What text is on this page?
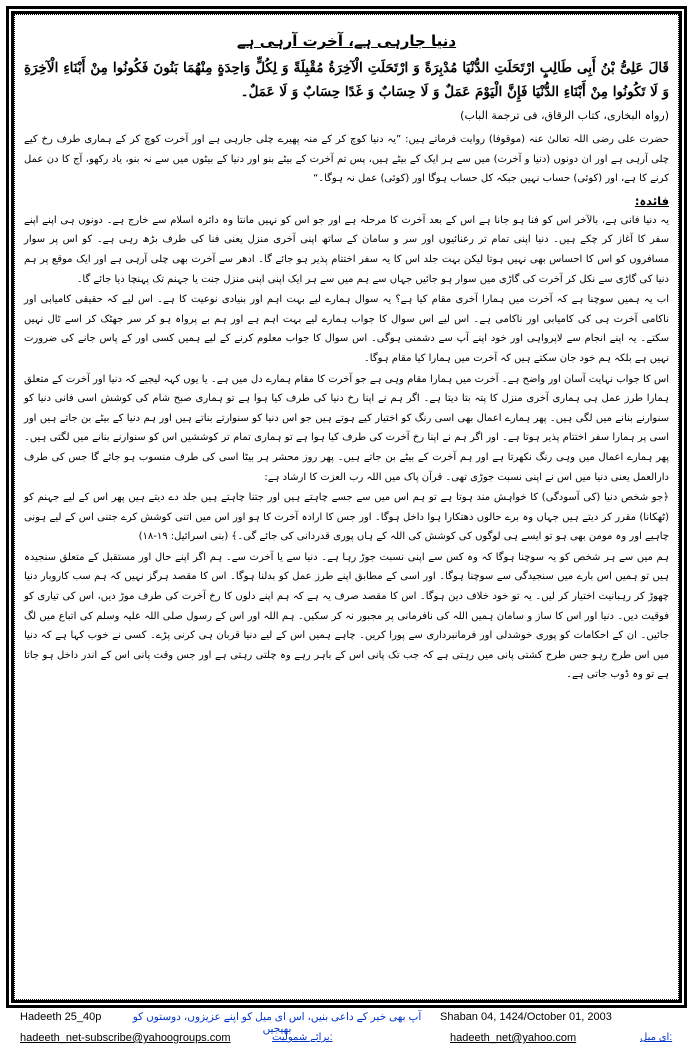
دنیا جارہی ہے، آخرت آرہی ہے
قَالَ عَلِیُّ بْنُ أَبِی طَالِبٍ ارْتَحَلَتِ الدُّنْیَا مُدْبِرَةً وَ ارْتَحَلَتِ الْآخِرَةُ مُقْبِلَةً وَ لِکُلٍّ وَاحِدَةٍ مِنْهُمَا بَنُونَ فَکُونُوا مِنْ أَبْنَاءِ الْآخِرَةِ وَ لَا تَکُونُوا مِنْ أَبْنَاءِ الدُّنْیَا فَإِنَّ الْیَوْمَ عَمَلٌ وَ لَا حِسَابٌ وَ غَدًا حِسَابٌ وَ لَا عَمَلٌ۔
(رواہ البخاری، کتاب الرقاق، فی ترجمة الباب)
حضرت علی رضی اللہ تعالیٰ عنہ (موقوفا) روایت فرماتے ہیں: ”یہ دنیا کوچ کر کے منہ پھیرے چلی جارہی ہے اور آخرت کوچ کر کے ہماری طرف رخ کیے چلی آرہی ہے اور ان دونوں (دنیا و آخرت) میں سے ہر ایک کے بیٹے ہیں، پس تم آخرت کے بیٹے بنو اور دنیا کے بیٹوں میں سے نہ بنو، یاد رکھو، آج کا دن عمل کرنے کا ہے، اور (کوئی) حساب نہیں جبکہ کل حساب ہوگا اور (کوئی) عمل نہ ہوگا۔“
فائدہ:
یہ دنیا فانی ہے، بالآخر اس کو فنا ہو جانا ہے اس کے بعد آخرت کا مرحلہ ہے اور جو اس کو نہیں مانتا وہ دائرہ اسلام سے خارج ہے۔ دونوں ہی اپنے اپنے سفر کا آغاز کر چکے ہیں۔ دنیا اپنی تمام تر رعنائیوں اور سر و سامان کے ساتھ اپنی آخری منزل یعنی فنا کی طرف بڑھ رہی ہے۔ کو اس پر سوار مسافروں کو اس کا احساس بھی نہیں ہوتا لیکن بہت جلد اس کا یہ سفر اختتام پذیر ہو جائے گا۔ ادھر سے آخرت بھی چلی آرہی ہے اور ایک موقع پر ہم دنیا کی گاڑی سے نکل کر آخرت کی گاڑی میں سوار ہو جائیں جہاں سے ہم میں سے ہر ایک اپنی اپنی منزل جنت یا جہنم تک پہنچا دیا جائے گا۔
اب یہ ہمیں سوچنا ہے کہ آخرت میں ہمارا آخری مقام کیا ہے؟ یہ سوال ہمارے لیے بہت اہم اور بنیادی نوعیت کا ہے۔ اس لیے کہ حقیقی کامیابی اور ناکامی آخرت ہی کی کامیابی اور ناکامی ہے۔ اس لیے اس سوال کا جواب ہمارے لیے بہت اہم ہے اور ہم بے پرواہ ہو کر سر جھٹک کر اسے ٹال نہیں سکتے۔ یہ اپنے انجام سے لاپرواہی اور خود اپنے آپ سے دشمنی ہوگی۔ اس سوال کا جواب معلوم کرنے کے لیے ہمیں کسی اور کے پاس جانے کی ضرورت نہیں ہے بلکہ ہم خود جان سکتے ہیں کہ آخرت میں ہمارا کیا مقام ہوگا۔
اس کا جواب نہایت آسان اور واضح ہے۔ آخرت میں ہمارا مقام وہی ہے جو آخرت کا مقام ہمارے دل میں ہے۔ یا یوں کہہ لیجیے کہ دنیا اور آخرت کے متعلق ہمارا طرز عمل ہی ہماری آخری منزل کا پتہ بتا دیتا ہے۔ اگر ہم نے اپنا رخ دنیا کی طرف کیا ہوا ہے تو ہماری صبح شام کی کوشش اسی فانی دنیا کو سنوارنے بنانے میں لگی ہیں۔ پھر ہمارے اعمال بھی اسی رنگ کو اختیار کیے ہوتے ہیں جو اس دنیا کو سنوارتے بناتے ہیں اور ہم دنیا کے بیٹے بن جاتے ہیں اور اسی پر ہمارا سفر اختتام پذیر ہوتا ہے۔ اور اگر ہم نے اپنا رخ آخرت کی طرف کیا ہوا ہے تو ہماری تمام تر کوششیں اس کو سنوارنے بنانے میں لگتی ہیں۔ پھر ہمارے اعمال میں وہی رنگ نکھرتا ہے اور ہم آخرت کے بیٹے بن جاتے ہیں۔ پھر روز محشر ہر بیٹا اسی کی طرف منسوب ہو جائے گا جس کی طرف دارالعمل یعنی دنیا میں اس نے اپنی نسبت جوڑی تھی۔ قرآن پاک میں اللہ رب العزت کا ارشاد ہے:
﴿جو شخص دنیا (کی آسودگی) کا خواہش مند ہوتا ہے تو ہم اس میں سے جسے چاہتے ہیں اور جتنا چاہتے ہیں جلد دے دیتے ہیں پھر اس کے لیے جہنم کو (ٹھکانا) مقرر کر دیتے ہیں جہاں وہ برے حالوں دھتکارا ہوا داخل ہوگا۔ اور جس کا ارادہ آخرت کا ہو اور اس میں اتنی کوشش کرے جتنی اس کے لیے ہونی چاہیے اور وہ مومن بھی ہو تو ایسے ہی لوگوں کی کوشش کی اللہ کے ہاں پوری قدردانی کی جائے گی۔﴾ (بنی اسرائیل: ۱۹-۱۸)
ہم میں سے ہر شخص کو یہ سوچنا ہوگا کہ وہ کس سے اپنی نسبت جوڑ رہا ہے۔ دنیا سے یا آخرت سے۔ ہم اگر اپنے حال اور مستقبل کے متعلق سنجیدہ ہیں تو ہمیں اس بارے میں سنجیدگی سے سوچنا ہوگا۔ اور اسی کے مطابق اپنے طرز عمل کو بدلنا ہوگا۔ اس کا مقصد ہرگز نہیں کہ ہم سب کاروبار دنیا چھوڑ کر رہبانیت اختیار کر لیں۔ یہ تو خود خلاف دین ہوگا۔ اس کا مقصد صرف یہ ہے کہ ہم اپنے دلوں کا رخ آخرت کی طرف موڑ دیں، اس کی تیاری کو فوقیت دیں۔ دنیا اور اس کا ساز و سامان ہمیں اللہ کی نافرمانی پر مجبور نہ کر سکیں۔ ہم اللہ اور اس کے رسول صلی اللہ علیہ وسلم کی اتباع میں لگ جائیں۔ ان کے احکامات کو پوری خوشدلی اور فرمانبرداری سے پورا کریں۔ چاہے ہمیں اس کے لیے دنیا قربان ہی کرنی پڑے۔ کسی نے خوب کہا ہے کہ دنیا میں اس طرح رہو جس طرح کشتی پانی میں رہتی ہے کہ جب تک پانی اس کے باہر رہے وہ چلتی رہتی ہے اور جس وقت پانی اس کے اندر داخل ہو جاتا ہے تو وہ ڈوب جاتی ہے۔
Hadeeth 25_40p	آپ بھی خیر کے داعی بنیں، اس ای میل کو اپنے عزیزوں، دوستوں کو بھیجیں
Shaban 04, 1424/October 01, 2003
hadeeth_net-subscribe@yahoogroups.com	برائے شمولیت:	hadeeth_net@yahoo.com	ای میل:
